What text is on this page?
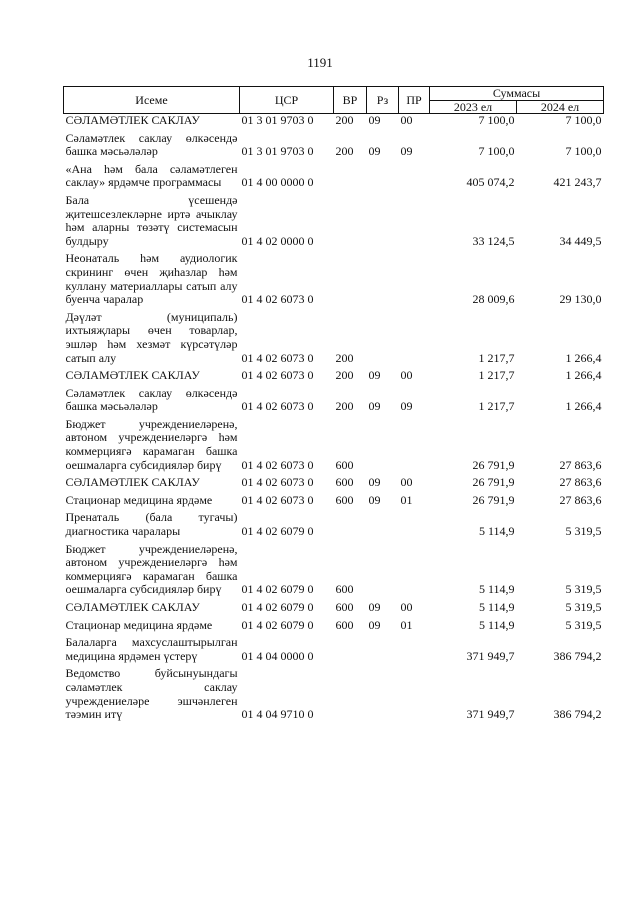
1191
Исеме	ЦСР	ВР	Рз	ПР	Суммасы	
					2023 ел	2024 ел
СӘЛАМӘТЛЕК САКЛАУ	01 3 01 9703 0	200	09	00	7 100,0	7 100,0
Сәламәтлек саклау өлкәсендә башка мәсьәләләр	01 3 01 9703 0	200	09	09	7 100,0	7 100,0
«Ана һәм бала сәламәтлеген саклау» ярдәмче программасы	01 4 00 0000 0				405 074,2	421 243,7
Бала үсешендә җитешсезлекләрне иртә ачыклау һәм аларны төзәтү системасын булдыру	01 4 02 0000 0				33 124,5	34 449,5
Неонаталь һәм аудиологик скрининг өчен җиһазлар һәм куллану материаллары сатып алу буенча чаралар	01 4 02 6073 0				28 009,6	29 130,0
Дәүләт (муниципаль) ихтыяҗлары өчен товарлар, эшләр һәм хезмәт күрсәтүләр сатып алу	01 4 02 6073 0	200			1 217,7	1 266,4
СӘЛАМӘТЛЕК САКЛАУ	01 4 02 6073 0	200	09	00	1 217,7	1 266,4
Сәламәтлек саклау өлкәсендә башка мәсьәләләр	01 4 02 6073 0	200	09	09	1 217,7	1 266,4
Бюджет учреждениеләренә, автоном учреждениеләргә һәм коммерциягә карамаган башка оешмаларга субсидияләр бирү	01 4 02 6073 0	600			26 791,9	27 863,6
СӘЛАМӘТЛЕК САКЛАУ	01 4 02 6073 0	600	09	00	26 791,9	27 863,6
Стационар медицина ярдәме	01 4 02 6073 0	600	09	01	26 791,9	27 863,6
Пренаталь (бала тугачы) диагностика чаралары	01 4 02 6079 0				5 114,9	5 319,5
Бюджет учреждениеләренә, автоном учреждениеләргә һәм коммерциягә карамаган башка оешмаларга субсидияләр бирү	01 4 02 6079 0	600			5 114,9	5 319,5
СӘЛАМӘТЛЕК САКЛАУ	01 4 02 6079 0	600	09	00	5 114,9	5 319,5
Стационар медицина ярдәме	01 4 02 6079 0	600	09	01	5 114,9	5 319,5
Балаларга махсуслаштырылган медицина ярдәмен үстерү	01 4 04 0000 0				371 949,7	386 794,2
Ведомство буйсынуындагы сәламәтлек саклау учреждениеләре эшчәнлеген тәэмин итү	01 4 04 9710 0				371 949,7	386 794,2
